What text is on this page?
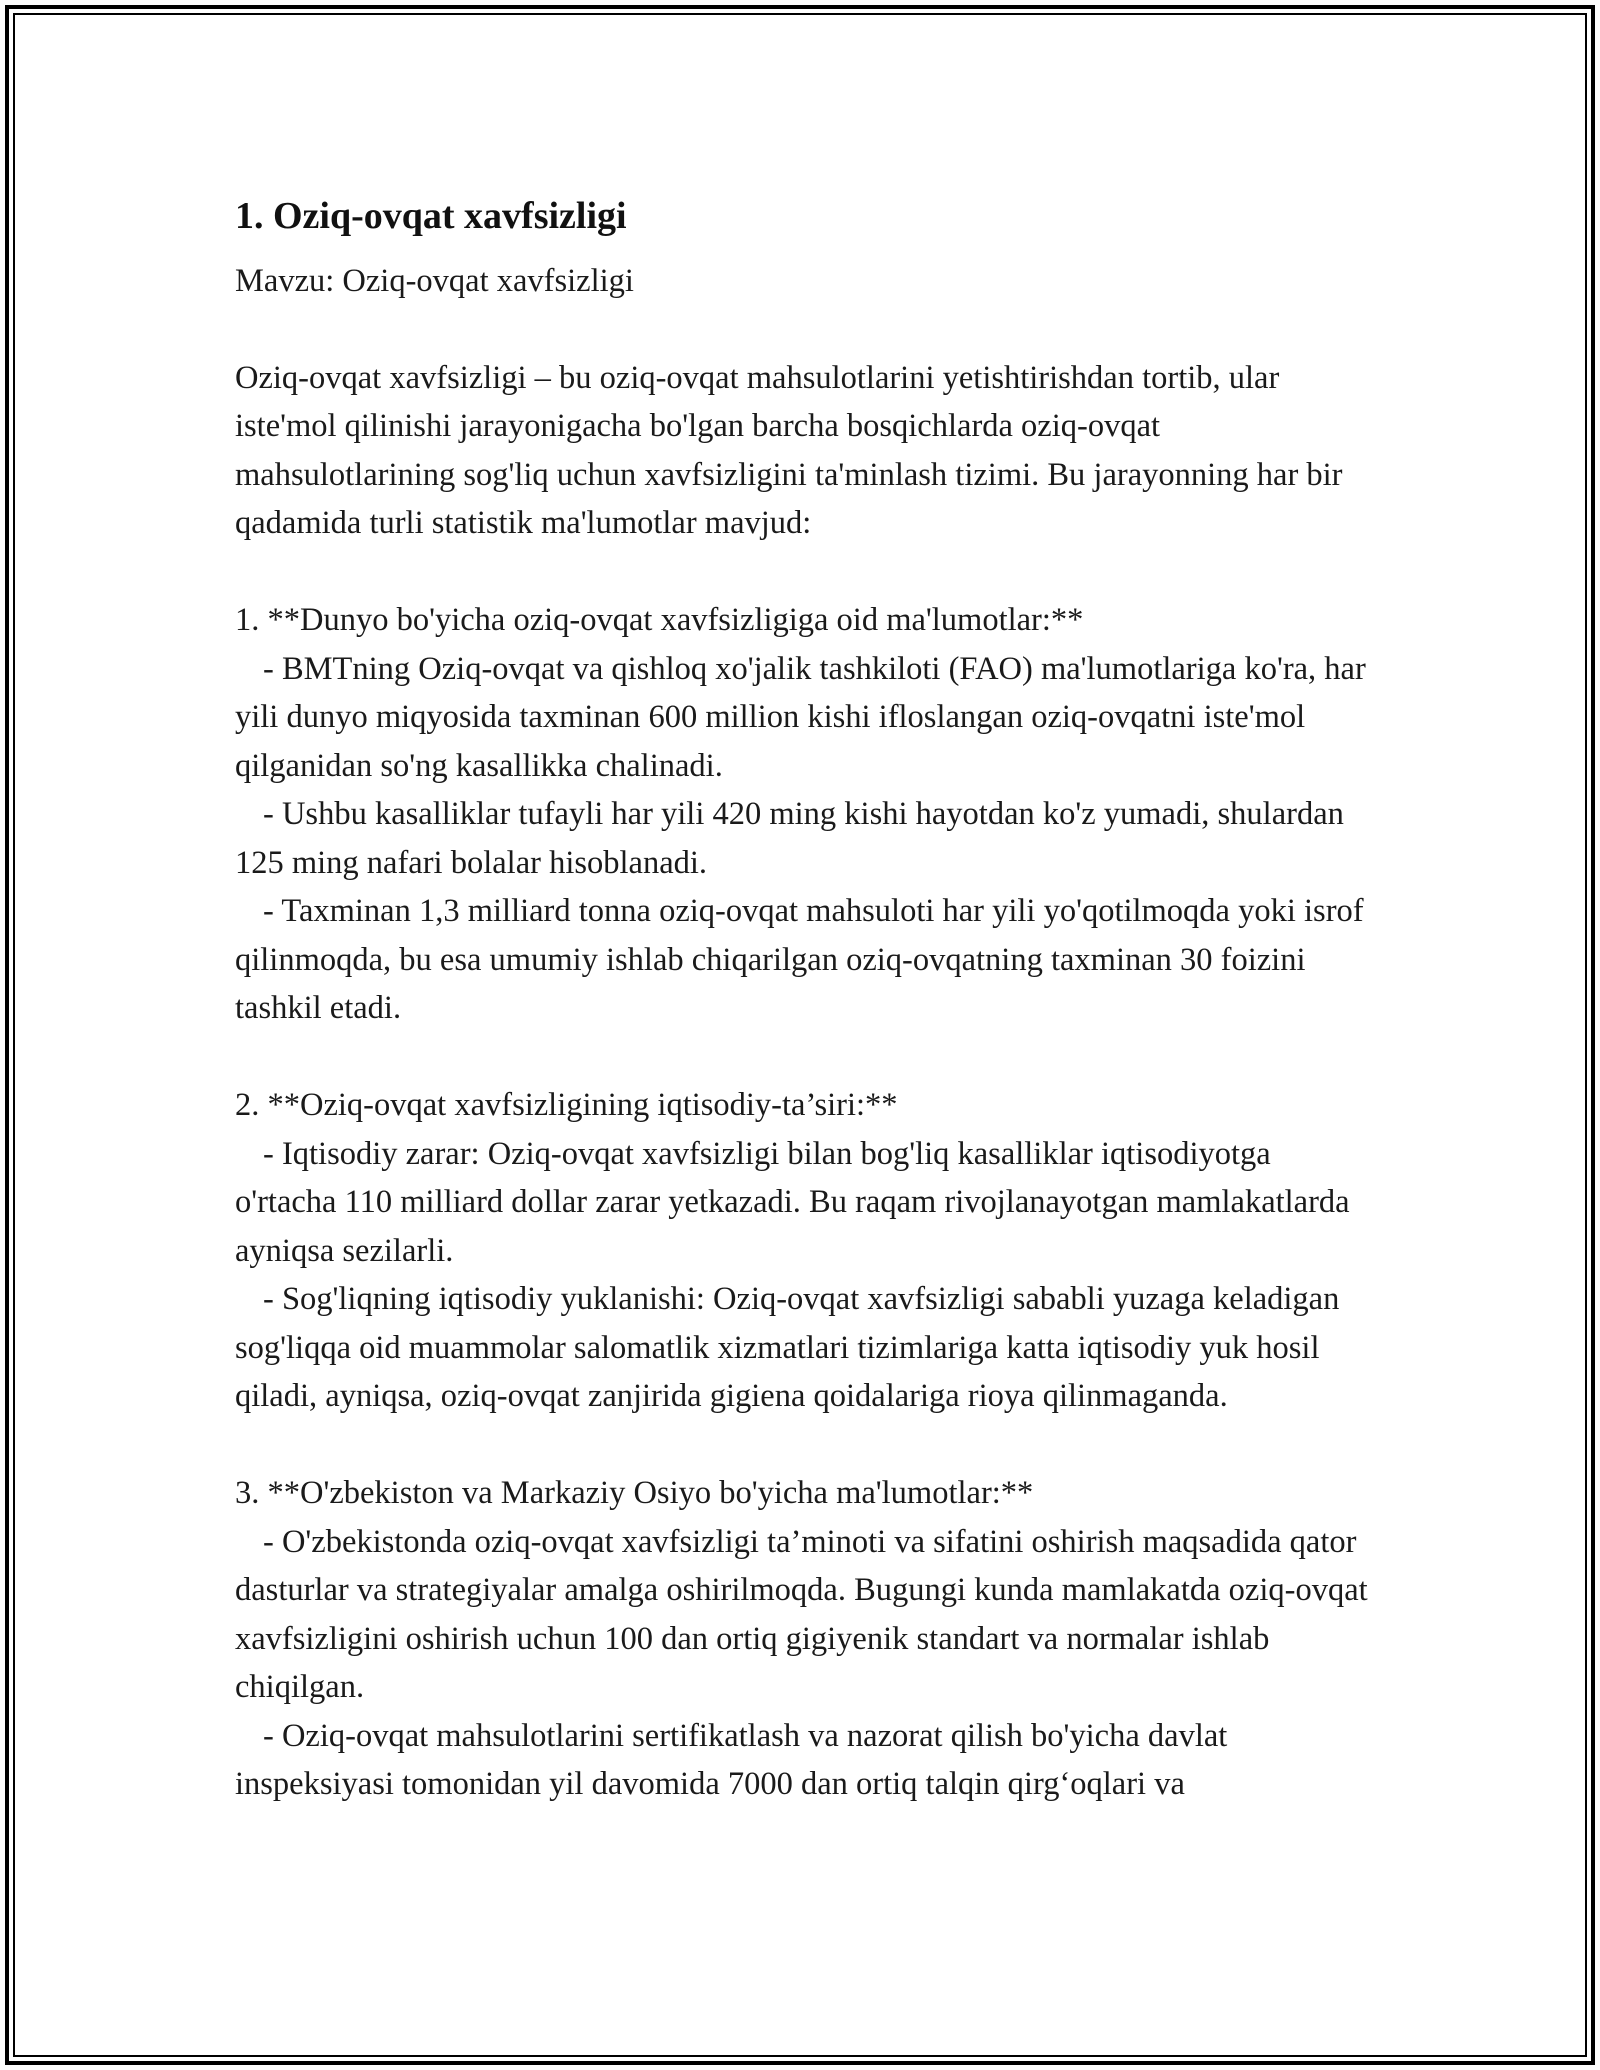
1. Oziq-ovqat xavfsizligi

Mavzu: Oziq-ovqat xavfsizligi

Oziq-ovqat xavfsizligi – bu oziq-ovqat mahsulotlarini yetishtirishdan tortib, ular iste'mol qilinishi jarayonigacha bo'lgan barcha bosqichlarda oziq-ovqat mahsulotlarining sog'liq uchun xavfsizligini ta'minlash tizimi. Bu jarayonning har bir qadamida turli statistik ma'lumotlar mavjud:

1. **Dunyo bo'yicha oziq-ovqat xavfsizligiga oid ma'lumotlar:**

- BMTning Oziq-ovqat va qishloq xo'jalik tashkiloti (FAO) ma'lumotlariga ko'ra, har yili dunyo miqyosida taxminan 600 million kishi ifloslangan oziq-ovqatni iste'mol qilganidan so'ng kasallikka chalinadi.

- Ushbu kasalliklar tufayli har yili 420 ming kishi hayotdan ko'z yumadi, shulardan 125 ming nafari bolalar hisoblanadi.

- Taxminan 1,3 milliard tonna oziq-ovqat mahsuloti har yili yo'qotilmoqda yoki isrof qilinmoqda, bu esa umumiy ishlab chiqarilgan oziq-ovqatning taxminan 30 foizini tashkil etadi.

2. **Oziq-ovqat xavfsizligining iqtisodiy-ta’siri:**

- Iqtisodiy zarar: Oziq-ovqat xavfsizligi bilan bog'liq kasalliklar iqtisodiyotga o'rtacha 110 milliard dollar zarar yetkazadi. Bu raqam rivojlanayotgan mamlakatlarda ayniqsa sezilarli.

- Sog'liqning iqtisodiy yuklanishi: Oziq-ovqat xavfsizligi sababli yuzaga keladigan sog'liqqa oid muammolar salomatlik xizmatlari tizimlariga katta iqtisodiy yuk hosil qiladi, ayniqsa, oziq-ovqat zanjirida gigiena qoidalariga rioya qilinmaganda.

3. **O'zbekiston va Markaziy Osiyo bo'yicha ma'lumotlar:**

- O'zbekistonda oziq-ovqat xavfsizligi ta’minoti va sifatini oshirish maqsadida qator dasturlar va strategiyalar amalga oshirilmoqda. Bugungi kunda mamlakatda oziq-ovqat xavfsizligini oshirish uchun 100 dan ortiq gigiyenik standart va normalar ishlab chiqilgan.

- Oziq-ovqat mahsulotlarini sertifikatlash va nazorat qilish bo'yicha davlat inspeksiyasi tomonidan yil davomida 7000 dan ortiq talqin qirg‘oqlari va
